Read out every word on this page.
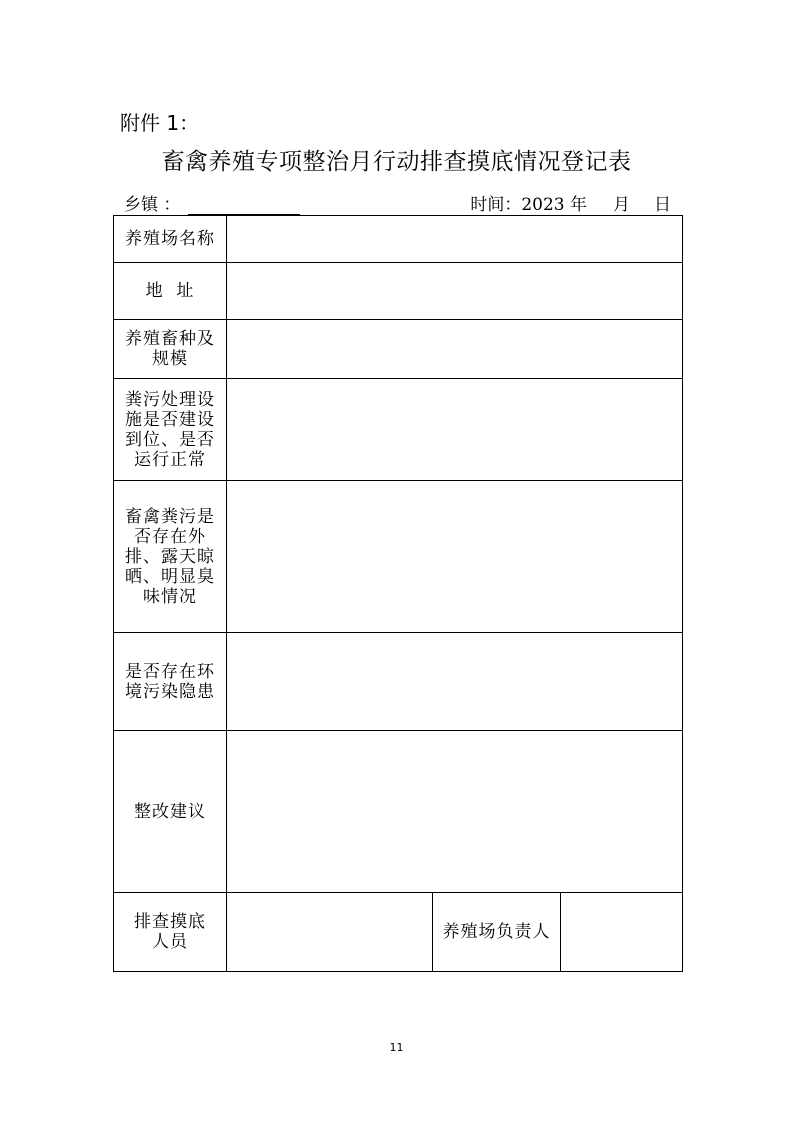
附件 1：
畜禽养殖专项整治月行动排查摸底情况登记表
乡镇 ：	时间：2023 年 月 日
养殖场名称			
地  址			
养殖畜种及规模			
粪污处理设施是否建设到位、是否运行正常			
畜禽粪污是否存在外排、露天晾晒、明显臭味情况			
是否存在环境污染隐患			
整改建议			
排查摸底人员		养殖场负责人	
11
